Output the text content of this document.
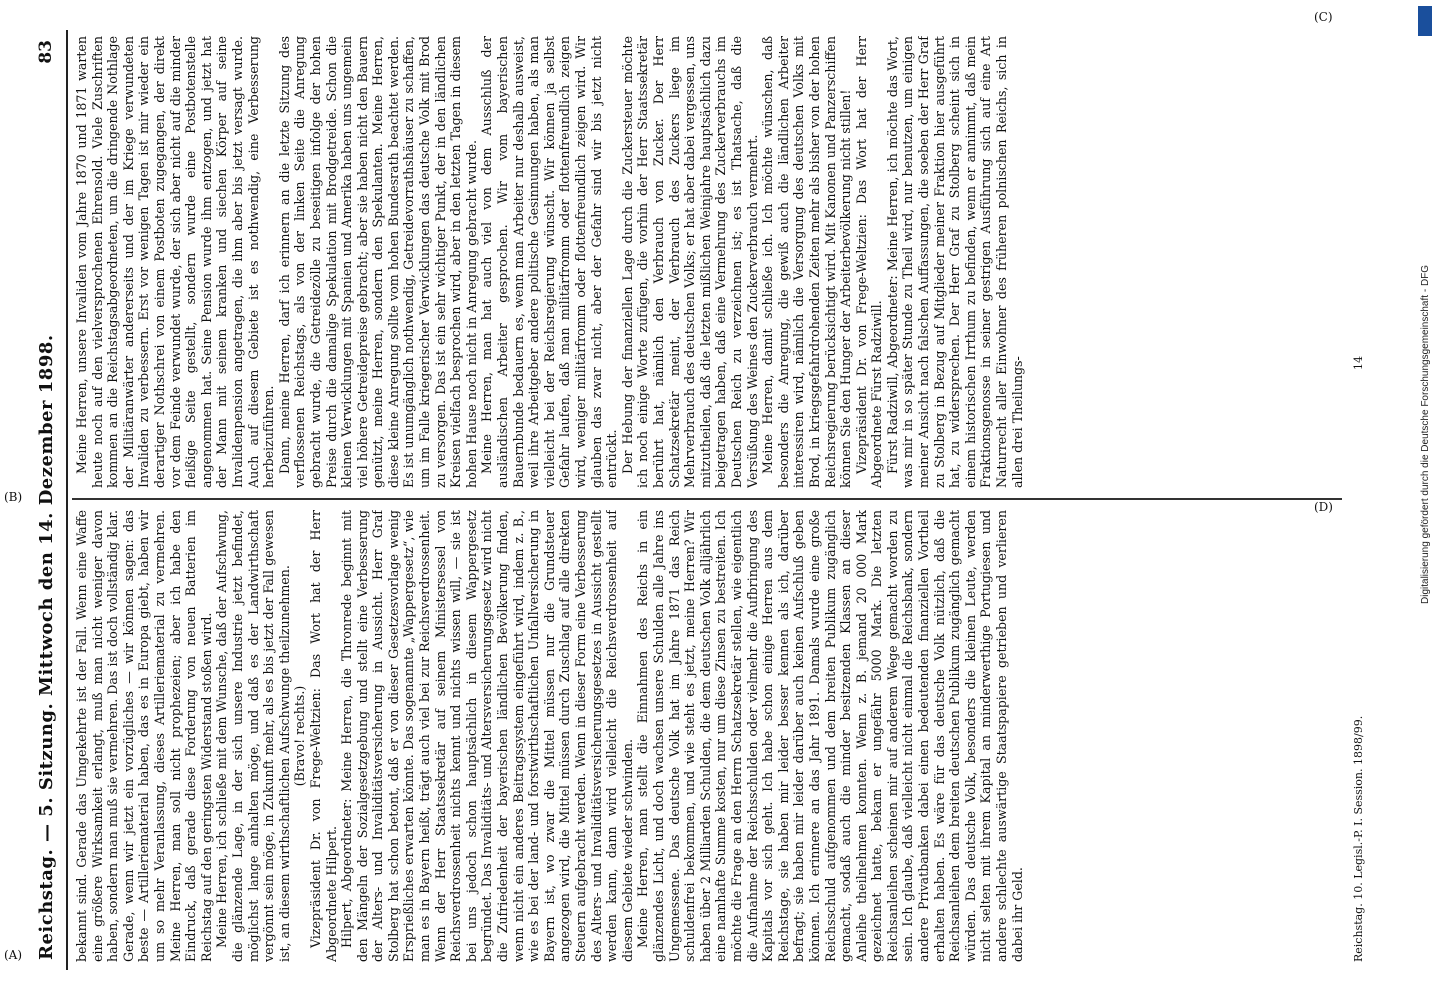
Reichstag. — 5. Sitzung. Mittwoch den 14. Dezember 1898.
83

bekannt sind. Gerade das Umgekehrte ist der Fall. Wenn eine Waffe eine größere Wirksamkeit erlangt, muß man nicht weniger davon haben, sondern man muß sie vermehren. Das ist doch vollständig klar. Gerade, wenn wir jetzt ein vorzügliches — wir können sagen: das beste — Artilleriematerial haben, das es in Europa giebt, haben wir um so mehr Veranlassung, dieses Artilleriematerial zu vermehren. Meine Herren, man soll nicht prophezeien; aber ich habe den Eindruck, daß gerade diese Forderung von neuen Batterien im Reichstag auf den geringsten Widerstand stoßen wird. Meine Herren, ich schließe mit dem Wunsche, daß der Aufschwung, die glänzende Lage, in der sich unsere Industrie jetzt befindet, möglichst lange anhalten möge, und daß es der Landwirthschaft vergönnt sein möge, in Zukunft mehr, als es bis jetzt der Fall gewesen ist, an diesem wirthschaftlichen Aufschwunge theilzunehmen. (Bravo! rechts.) Vizepräsident Dr. von Frege-Weltzien: Das Wort hat der Herr Abgeordnete Hilpert. Hilpert, Abgeordneter: Meine Herren, die Thronrede beginnt mit den Mängeln der Sozialgesetzgebung und stellt eine Verbesserung der Alters- und Invaliditätsversicherung in Aussicht. Herr Graf Stolberg hat schon betont, daß er von dieser Gesetzesvorlage wenig Ersprießliches erwarten könnte. Das sogenannte „Wappergesetz“, wie man es in Bayern heißt, trägt auch viel bei zur Reichsverdrossenheit. Wenn der Herr Staatssekretär auf seinem Ministersessel von Reichsverdrossenheit nichts kennt und nichts wissen will, — sie ist bei uns jedoch schon hauptsächlich in diesem Wappergesetz begründet. Das Invaliditäts- und Altersversicherungsgesetz wird nicht die Zufriedenheit der bayerischen ländlichen Bevölkerung finden, wenn nicht ein anderes Beitragssystem eingeführt wird, indem z. B., wie es bei der land- und forstwirthschaftlichen Unfallversicherung in Bayern ist, wo zwar die Mittel müssen nur die Grundsteuer angezogen wird, die Mittel müssen durch Zuschlag auf alle direkten Steuern aufgebracht werden. Wenn in dieser Form eine Verbesserung des Alters- und Invaliditätsversicherungsgesetzes in Aussicht gestellt werden kann, dann wird vielleicht die Reichsverdrossenheit auf diesem Gebiete wieder schwinden. Meine Herren, man stellt die Einnahmen des Reichs in ein glänzendes Licht, und doch wachsen unsere Schulden alle Jahre ins Ungemessene. Das deutsche Volk hat im Jahre 1871 das Reich schuldenfrei bekommen, und wie steht es jetzt, meine Herren? Wir haben über 2 Milliarden Schulden, die dem deutschen Volk alljährlich eine namhafte Summe kosten, nur um diese Zinsen zu bestreiten. Ich möchte die Frage an den Herrn Schatzsekretär stellen, wie eigentlich die Aufnahme der Reichsschulden oder vielmehr die Aufbringung des Kapitals vor sich geht. Ich habe schon einige Herren aus dem Reichstage, sie haben mir leider besser kennen als ich, darüber befragt; sie haben mir leider darüber auch keinen Aufschluß geben können. Ich erinnere an das Jahr 1891. Damals wurde eine große Reichsschuld aufgenommen und dem breiten Publikum zugänglich gemacht, sodaß auch die minder besitzenden Klassen an dieser Anleihe theilnehmen konnten. Wenn z. B. jemand 20 000 Mark gezeichnet hatte, bekam er ungefähr 5000 Mark. Die letzten Reichsanleihen scheinen mir auf anderem Wege gemacht worden zu sein. Ich glaube, daß vielleicht nicht einmal die Reichsbank, sondern andere Privatbanken dabei einen bedeutenden finanziellen Vortheil erhalten haben. Es wäre für das deutsche Volk nützlich, daß die Reichsanleihen dem breiten deutschen Publikum zugänglich gemacht würden. Das deutsche Volk, besonders die kleinen Leute, werden nicht selten mit ihrem Kapital an minderwerthige Portugiesen und andere schlechte auswärtige Staatspapiere getrieben und verlieren dabei ihr Geld.

Meine Herren, unsere Invaliden vom Jahre 1870 und 1871 warten heute noch auf den vielversprochenen Ehrensold. Viele Zuschriften kommen an die Reichstagsabgeordneten, um die dringende Nothlage der Militäranwärter andererseits und der im Kriege verwundeten Invaliden zu verbessern. Erst vor wenigen Tagen ist mir wieder ein derartiger Nothschrei von einem Postboten zugegangen, der direkt vor dem Feinde verwundet wurde, der sich aber nicht auf die minder fleißige Seite gestellt, sondern wurde eine Postbotenstelle angenommen hat. Seine Pension wurde ihm entzogen, und jetzt hat der Mann mit seinem kranken und siechen Körper auf seine Invalidenpension angetragen, die ihm aber bis jetzt versagt wurde. Auch auf diesem Gebiete ist es nothwendig, eine Verbesserung herbeizuführen. Dann, meine Herren, darf ich erinnern an die letzte Sitzung des verflossenen Reichstags, als von der linken Seite die Anregung gebracht wurde, die Getreidezölle zu beseitigen infolge der hohen Preise durch die damalige Spekulation mit Brodgetreide. Schon die kleinen Verwicklungen mit Spanien und Amerika haben uns ungemein viel höhere Getreidepreise gebracht; aber sie haben nicht den Bauern genützt, meine Herren, sondern den Spekulanten. Meine Herren, diese kleine Anregung sollte vom hohen Bundesrath beachtet werden. Es ist unumgänglich nothwendig, Getreidevorrathshäuser zu schaffen, um im Falle kriegerischer Verwicklungen das deutsche Volk mit Brod zu versorgen. Das ist ein sehr wichtiger Punkt, der in den ländlichen Kreisen vielfach besprochen wird, aber in den letzten Tagen in diesem hohen Hause noch nicht in Anregung gebracht wurde. Meine Herren, man hat auch viel von dem Ausschluß der ausländischen Arbeiter gesprochen. Wir vom bayerischen Bauernbunde bedauern es, wenn man Arbeiter nur deshalb ausweist, weil ihre Arbeitgeber andere politische Gesinnungen haben, als man vielleicht bei der Reichsregierung wünscht. Wir können ja selbst Gefahr laufen, daß man militärfromm oder flottenfreundlich zeigen wird, weniger militärfromm oder flottenfreundlich zeigen wird. Wir glauben das zwar nicht, aber der Gefahr sind wir bis jetzt nicht entrückt. Der Hebung der finanziellen Lage durch die Zuckersteuer möchte ich noch einige Worte zufügen, die vorhin der Herr Staatssekretär berührt hat, nämlich den Verbrauch von Zucker. Der Herr Schatzsekretär meint, der Verbrauch des Zuckers liege im Mehrverbrauch des deutschen Volks; er hat aber dabei vergessen, uns mitzutheilen, daß die letzten mißlichen Weinjahre hauptsächlich dazu beigetragen haben, daß eine Vermehrung des Zuckerverbrauchs im Deutschen Reich zu verzeichnen ist; es ist Thatsache, daß die Versüßung des Weines den Zuckerverbrauch vermehrt. Meine Herren, damit schließe ich. Ich möchte wünschen, daß besonders die Anregung, die gewiß auch die ländlichen Arbeiter interessiren wird, nämlich die Versorgung des deutschen Volks mit Brod, in kriegsgefahrdrohenden Zeiten mehr als bisher von der hohen Reichsregierung berücksichtigt wird. Mit Kanonen und Panzerschiffen können Sie den Hunger der Arbeiterbevölkerung nicht stillen! Vizepräsident Dr. von Frege-Weltzien: Das Wort hat der Herr Abgeordnete Fürst Radziwill. Fürst Radziwill, Abgeordneter: Meine Herren, ich möchte das Wort, was mir in so später Stunde zu Theil wird, nur benutzen, um einigen meiner Ansicht nach falschen Auffassungen, die soeben der Herr Graf zu Stolberg in Bezug auf Mitglieder meiner Fraktion hier ausgeführt hat, zu widersprechen. Der Herr Graf zu Stolberg scheint sich in einem historischen Irrthum zu befinden, wenn er annimmt, daß mein Fraktionsgenosse in seiner gestrigen Ausführung sich auf eine Art Naturrecht aller Einwohner des früheren polnischen Reichs, sich in allen drei Theilungs-

Reichstag. 10. Legisl.-P. I. Session. 1898/99.
14
(A)
(B)
(C)
(D)	Digitalisierung gefördert durch die Deutsche Forschungsgemeinschaft - DFG
